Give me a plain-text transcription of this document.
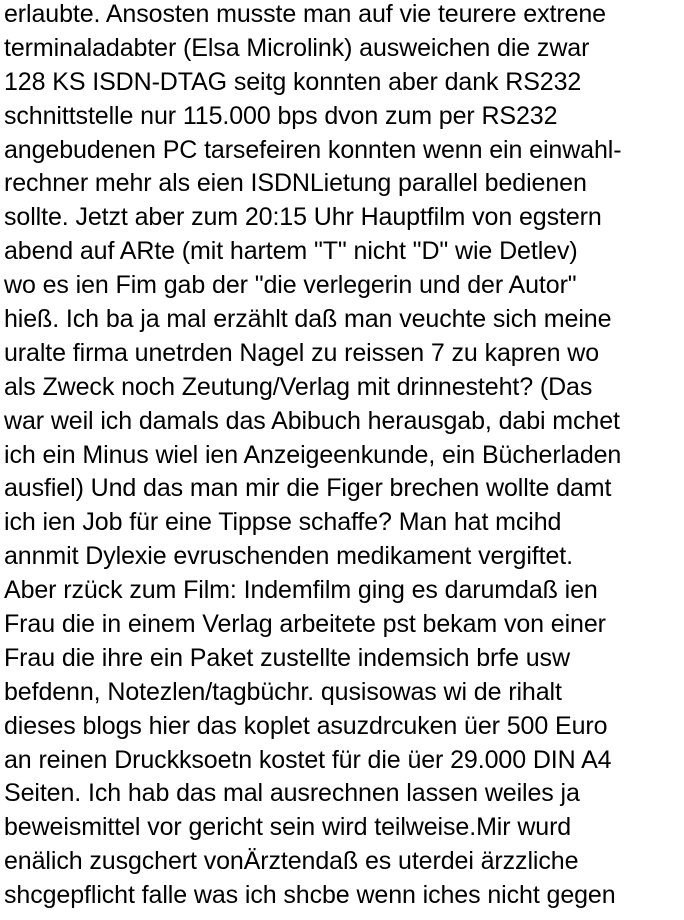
erlaubte. Ansosten musste man auf vie teurere extrene
terminaladabter (Elsa Microlink) ausweichen die zwar
128 KS ISDN-DTAG seitg konnten aber dank RS232
schnittstelle nur 115.000 bps dvon zum per RS232
angebudenen PC tarsefeiren konnten wenn ein einwahl-
rechner mehr als eien ISDNLietung parallel bedienen
sollte. Jetzt aber zum 20:15 Uhr Hauptfilm von egstern
abend auf ARte (mit hartem "T" nicht "D" wie Detlev)
wo es ien Fim gab der "die verlegerin und der Autor"
hieß. Ich ba ja mal erzählt daß man veuchte sich meine
uralte firma unetrden Nagel zu reissen 7 zu kapren wo
als Zweck noch Zeutung/Verlag mit drinnesteht? (Das
war weil ich damals das Abibuch herausgab, dabi mchet
ich ein Minus wiel ien Anzeigeenkunde, ein Bücherladen
ausfiel) Und das man mir die Figer brechen wollte damt
ich ien Job für eine Tippse schaffe? Man hat mcihd
annmit Dylexie evruschenden medikament vergiftet.
Aber rzück zum Film: Indemfilm ging es darumdaß ien
Frau die in einem Verlag arbeitete pst bekam von einer
Frau die ihre ein Paket zustellte indemsich brfe usw
befdenn, Notezlen/tagbüchr. qusisowas wi de rihalt
dieses blogs hier das koplet asuzdrcuken üer 500 Euro
an reinen Druckksoetn kostet für die üer 29.000 DIN A4
Seiten. Ich hab das mal ausrechnen lassen weiles ja
beweismittel vor gericht sein wird teilweise.Mir wurd
enälich zusgchert vonÄrztendaß es uterdei ärzzliche
shcgepflicht falle was ich shcbe wenn iches nicht gegen
